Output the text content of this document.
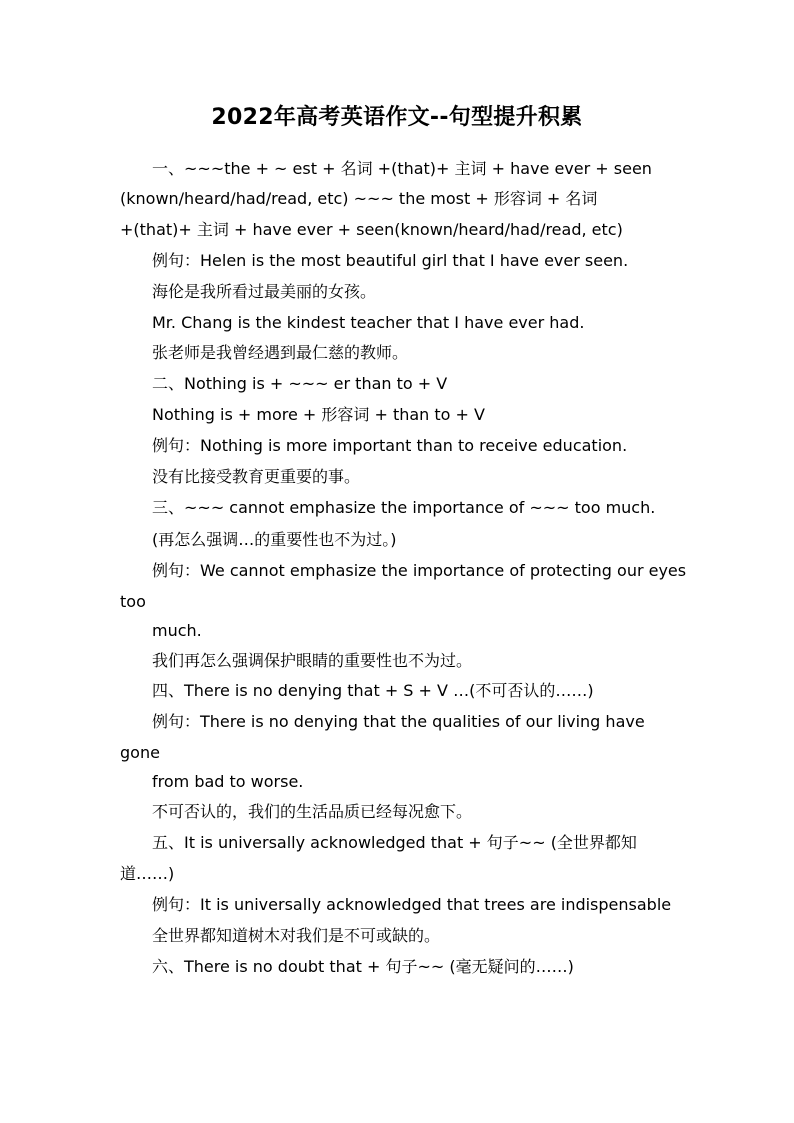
2022年高考英语作文--句型提升积累
一、~~~the + ~ est + 名词 +(that)+ 主词 + have ever + seen
(known/heard/had/read, etc) ~~~ the most + 形容词 + 名词
+(that)+ 主词 + have ever + seen(known/heard/had/read, etc)
例句：Helen is the most beautiful girl that I have ever seen.
海伦是我所看过最美丽的女孩。
Mr. Chang is the kindest teacher that I have ever had.
张老师是我曾经遇到最仁慈的教师。
二、Nothing is + ~~~ er than to + V
Nothing is + more + 形容词 + than to + V
例句：Nothing is more important than to receive education.
没有比接受教育更重要的事。
三、~~~ cannot emphasize the importance of ~~~ too much.
(再怎么强调…的重要性也不为过。)
例句：We cannot emphasize the importance of protecting our eyes
too
much.
我们再怎么强调保护眼睛的重要性也不为过。
四、There is no denying that + S + V …(不可否认的……)
例句：There is no denying that the qualities of our living have
gone
from bad to worse.
不可否认的，我们的生活品质已经每况愈下。
五、It is universally acknowledged that + 句子~~ (全世界都知
道……)
例句：It is universally acknowledged that trees are indispensable
全世界都知道树木对我们是不可或缺的。
六、There is no doubt that + 句子~~ (毫无疑问的……)
